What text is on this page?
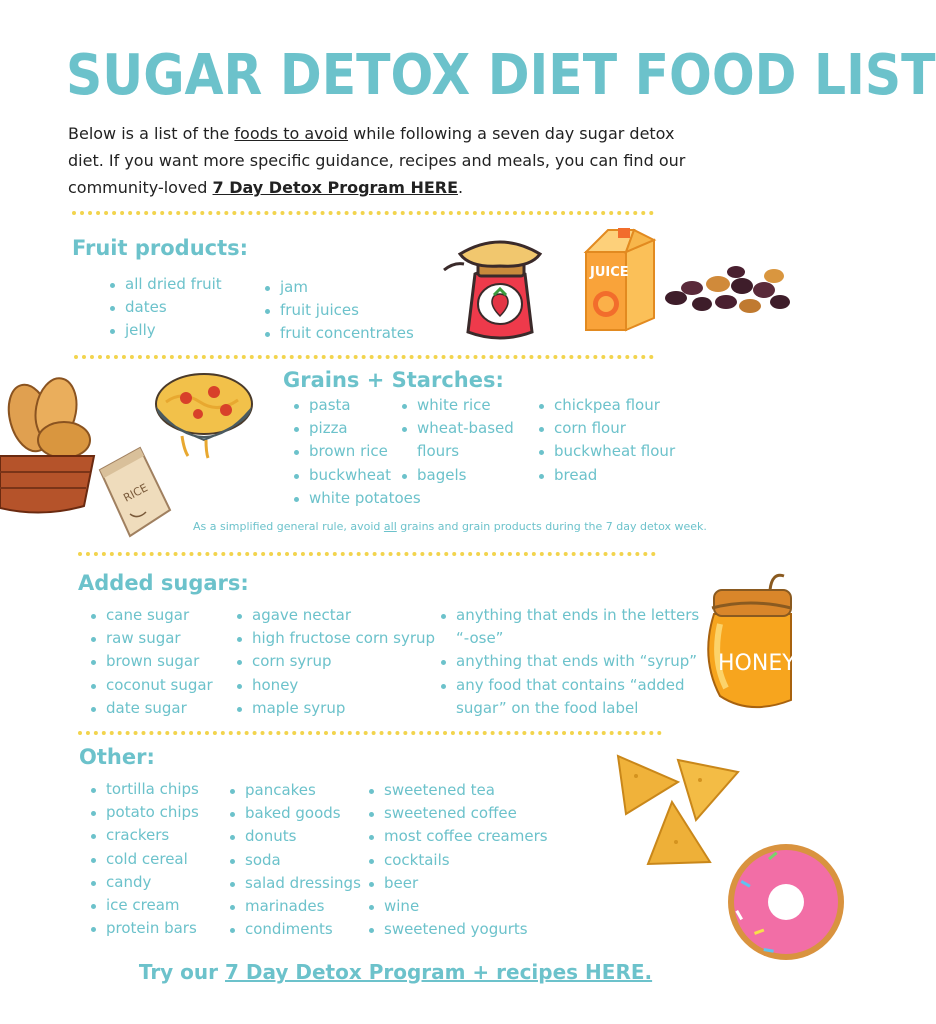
SUGAR DETOX DIET FOOD LIST

Below is a list of the foods to avoid while following a seven day sugar detox diet. If you want more specific guidance, recipes and meals, you can find our community-loved 7 Day Detox Program HERE.

Fruit products:
all dried fruit
dates
jelly
jam
fruit juices
fruit concentrates
JUICE
RICE
Grains + Starches:
pasta
pizza
brown rice
buckwheat
white potatoes
white rice
wheat-based
flours
bagels
chickpea flour
corn flour
buckwheat flour
bread
As a simplified general rule, avoid all grains and grain products during the 7 day detox week.
Added sugars:
cane sugar
raw sugar
brown sugar
coconut sugar
date sugar
agave nectar
high fructose corn syrup
corn syrup
honey
maple syrup
anything that ends in the letters
“-ose”
anything that ends with “syrup”
any food that contains “added
sugar” on the food label
HONEY
Other:
tortilla chips
potato chips
crackers
cold cereal
candy
ice cream
protein bars
pancakes
baked goods
donuts
soda
salad dressings
marinades
condiments
sweetened tea
sweetened coffee
most coffee creamers
cocktails
beer
wine
sweetened yogurts

Try our 7 Day Detox Program + recipes HERE.
